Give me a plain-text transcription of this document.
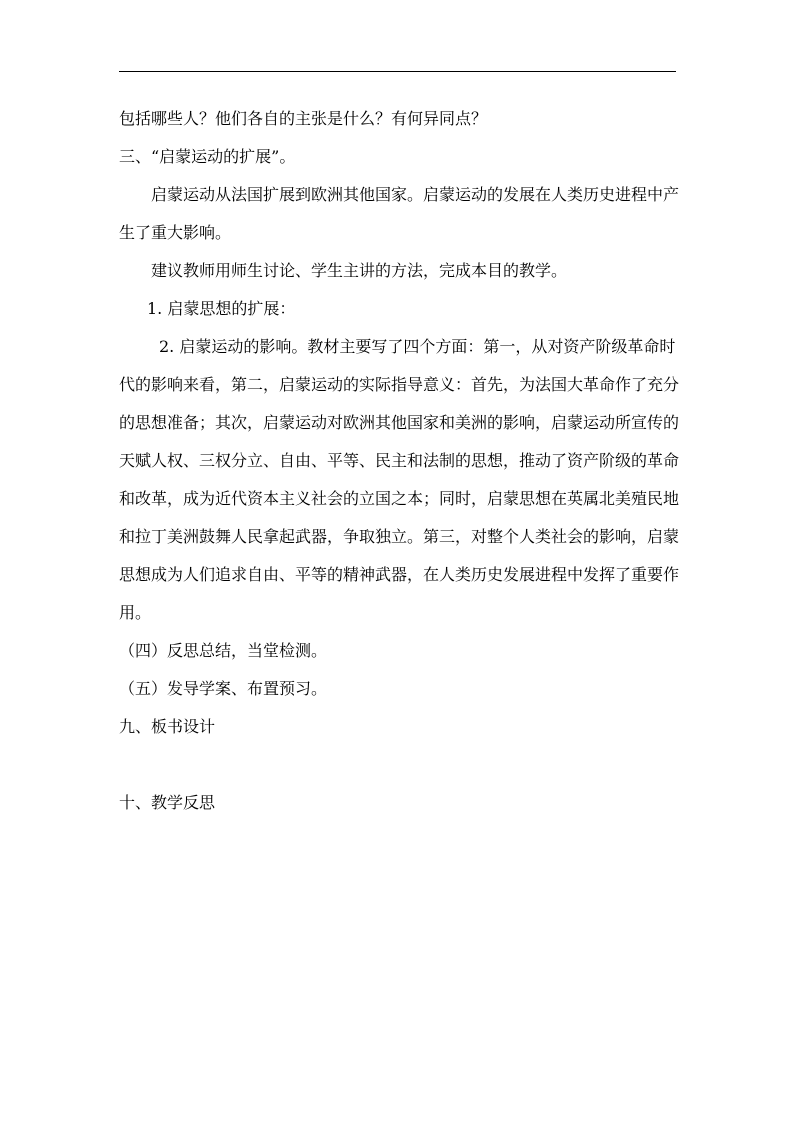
包括哪些人？他们各自的主张是什么？有何异同点？

三、“启蒙运动的扩展”。

启蒙运动从法国扩展到欧洲其他国家。启蒙运动的发展在人类历史进程中产生了重大影响。

建议教师用师生讨论、学生主讲的方法，完成本目的教学。

1. 启蒙思想的扩展：

2. 启蒙运动的影响。教材主要写了四个方面：第一，从对资产阶级革命时代的影响来看，第二，启蒙运动的实际指导意义：首先，为法国大革命作了充分的思想准备；其次，启蒙运动对欧洲其他国家和美洲的影响，启蒙运动所宣传的天赋人权、三权分立、自由、平等、民主和法制的思想，推动了资产阶级的革命和改革，成为近代资本主义社会的立国之本；同时，启蒙思想在英属北美殖民地和拉丁美洲鼓舞人民拿起武器，争取独立。第三，对整个人类社会的影响，启蒙思想成为人们追求自由、平等的精神武器，在人类历史发展进程中发挥了重要作用。

（四）反思总结，当堂检测。

（五）发导学案、布置预习。

九、板书设计

十、教学反思
